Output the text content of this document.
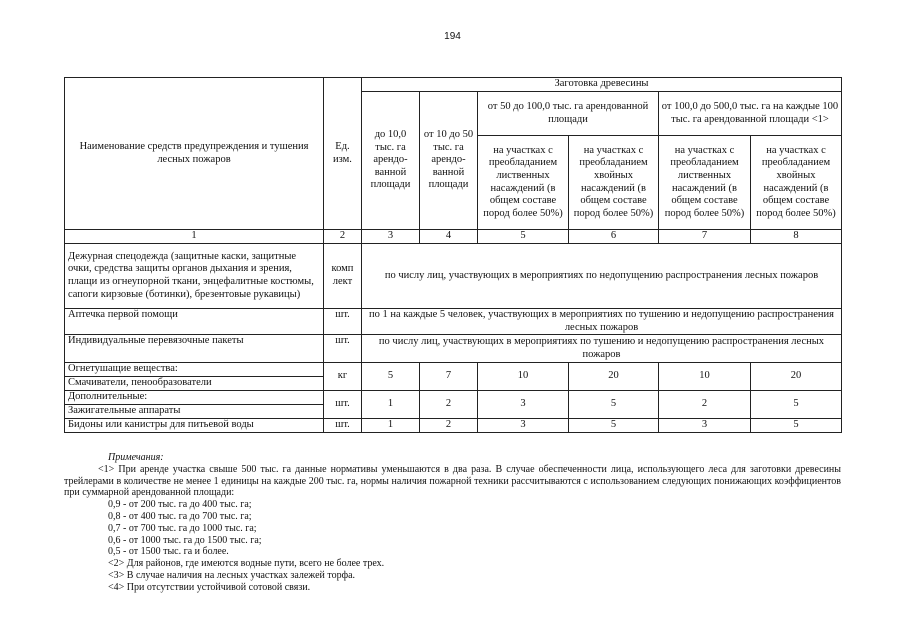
194
Наименование средств предупреждения и тушения лесных пожаров	Ед. изм.	Заготовка древесины					
		до 10,0 тыс. га арендо-ванной площади	от 10 до 50 тыс. га арендо-ванной площади	от 50 до 100,0 тыс. га арендованной площади		от 100,0 до 500,0 тыс. га на каждые 100 тыс. га арендованной площади <1>	
				на участках с преобладанием лиственных насаждений (в общем составе пород более 50%)	на участках с преобладанием хвойных насаждений (в общем составе пород более 50%)	на участках с преобладанием лиственных насаждений (в общем составе пород более 50%)	на участках с преобладанием хвойных насаждений (в общем составе пород более 50%)
1	2	3	4	5	6	7	8
Дежурная спецодежда (защитные каски, защитные очки, средства защиты органов дыхания и зрения, плащи из огнеупорной ткани, энцефалитные костюмы, сапоги кирзовые (ботинки), брезентовые рукавицы)	комп лект	по числу лиц, участвующих в мероприятиях по недопущению распространения лесных пожаров					
Аптечка первой помощи	шт.	по 1 на каждые 5 человек, участвующих в мероприятиях по тушению и недопущению распространения лесных пожаров					
Индивидуальные перевязочные пакеты	шт.	по числу лиц, участвующих в мероприятиях по тушению и недопущению распространения лесных пожаров					
Огнетушащие вещества:	кг	5	7	10	20	10	20
Смачиватели, пенообразователи							
Дополнительные:	шт.	1	2	3	5	2	5
Зажигательные аппараты							
Бидоны или канистры для питьевой воды	шт.	1	2	3	5	3	5
Примечания:
<1> При аренде участка свыше 500 тыс. га данные нормативы уменьшаются в два раза. В случае обеспеченности лица, использующего леса для заготовки древесины трейлерами в количестве не менее 1 единицы на каждые 200 тыс. га, нормы наличия пожарной техники рассчитываются с использованием следующих понижающих коэффициентов при суммарной арендованной площади:
0,9 - от 200 тыс. га до 400 тыс. га;
0,8 - от 400 тыс. га до 700 тыс. га;
0,7 - от 700 тыс. га до 1000 тыс. га;
0,6 - от 1000 тыс. га до 1500 тыс. га;
0,5 - от 1500 тыс. га и более.
<2> Для районов, где имеются водные пути, всего не более трех.
<3> В случае наличия на лесных участках залежей торфа.
<4> При отсутствии устойчивой сотовой связи.
